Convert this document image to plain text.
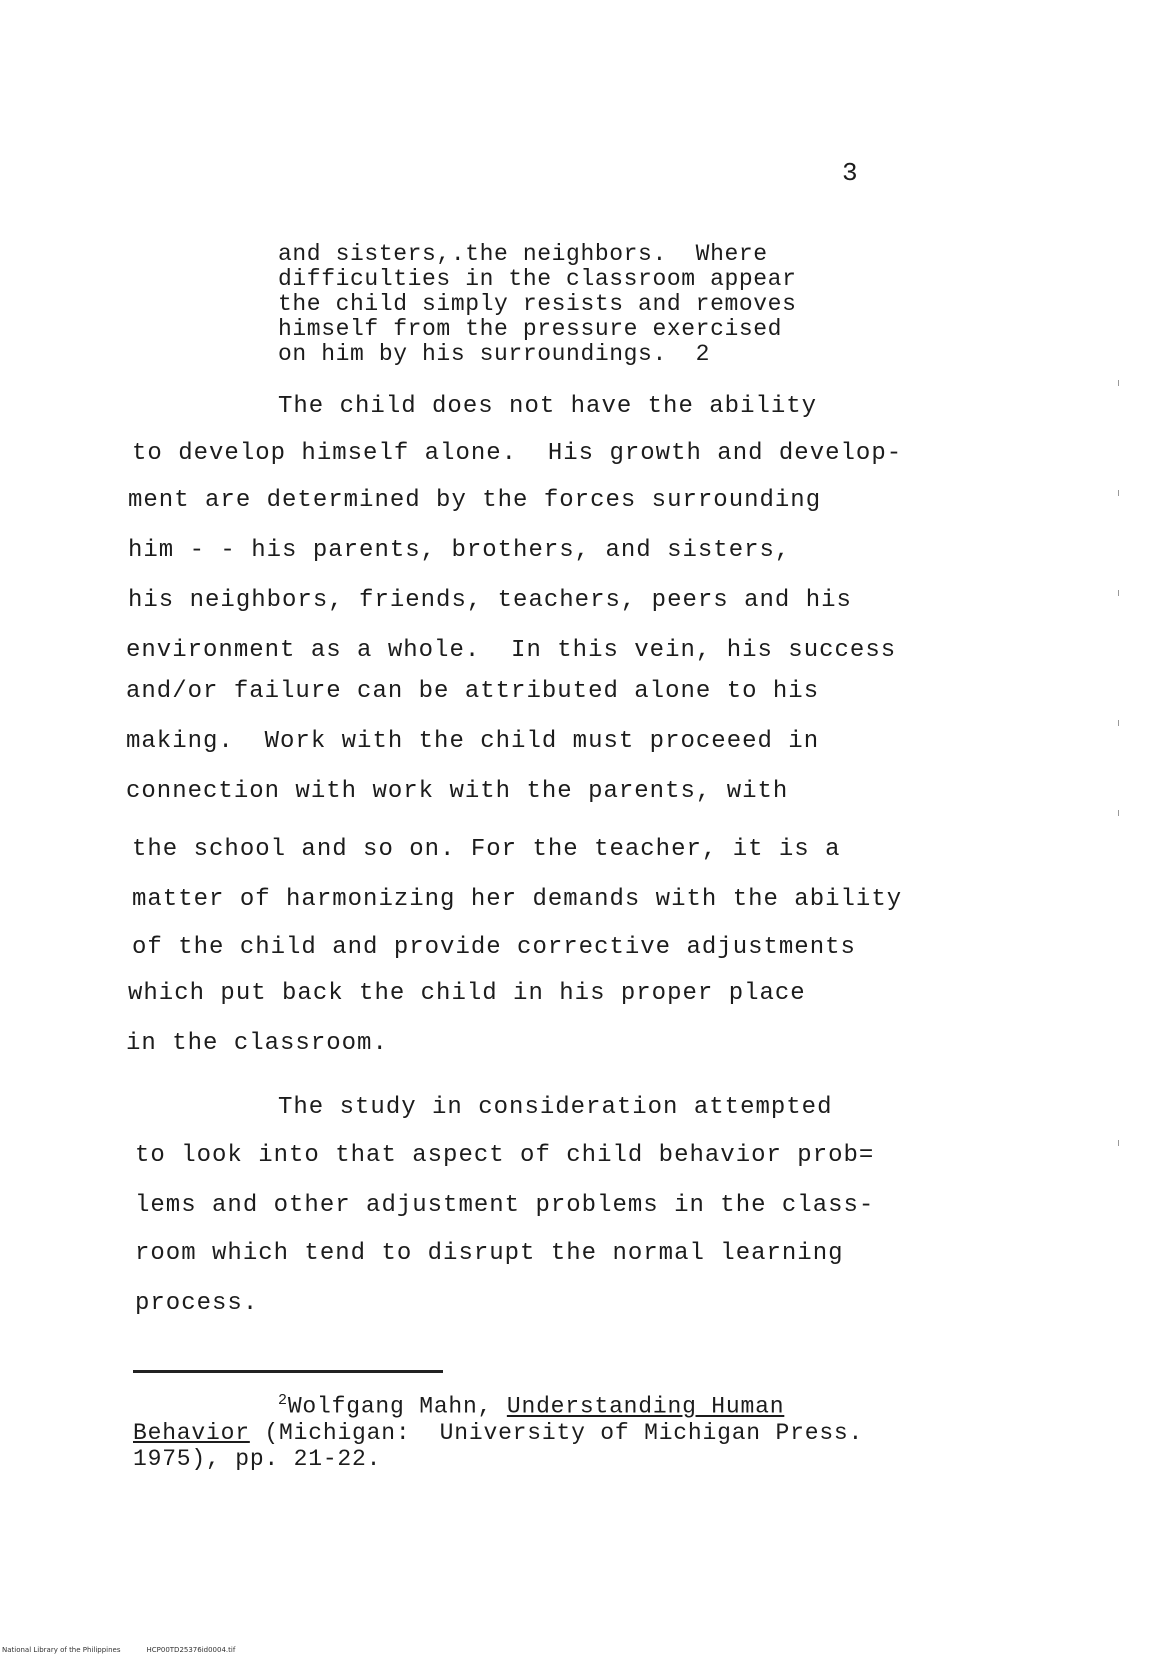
3
and sisters,.the neighbors.  Where
difficulties in the classroom appear
the child simply resists and removes
himself from the pressure exercised
on him by his surroundings.  2
The child does not have the ability
to develop himself alone.  His growth and develop-
ment are determined by the forces surrounding
him - - his parents, brothers, and sisters,
his neighbors, friends, teachers, peers and his
environment as a whole.  In this vein, his success
and/or failure can be attributed alone to his
making.  Work with the child must proceeed in
connection with work with the parents, with
the school and so on. For the teacher, it is a
matter of harmonizing her demands with the ability
of the child and provide corrective adjustments
which put back the child in his proper place
in the classroom.
The study in consideration attempted
to look into that aspect of child behavior prob=
lems and other adjustment problems in the class-
room which tend to disrupt the normal learning
process.
$^2$Wolfgang Mahn, Understanding Human
Behavior (Michigan:  University of Michigan Press.
1975), pp. 21-22.
National Library of the Philippines	HCP00TD25376id0004.tif
